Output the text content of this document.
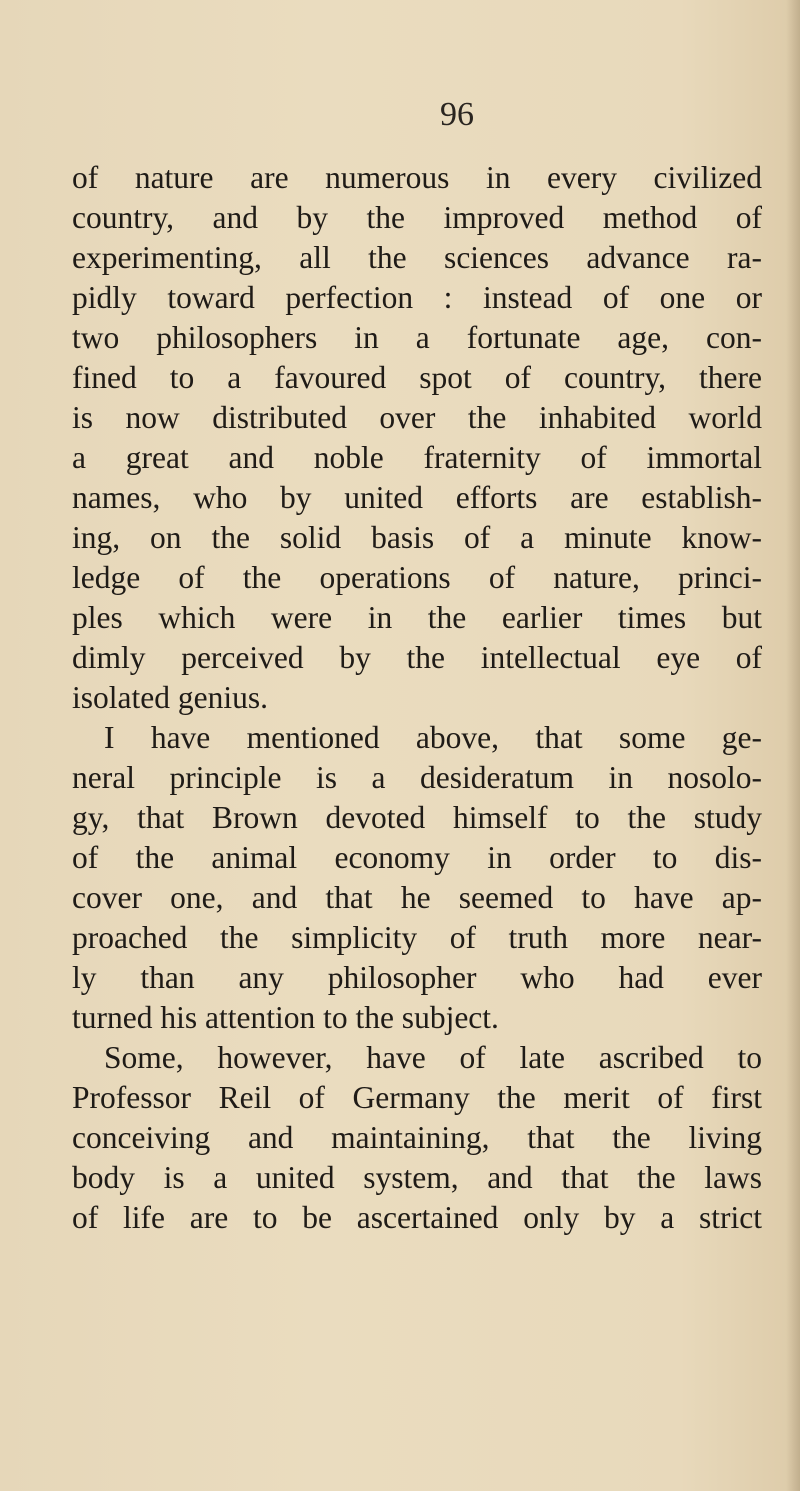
96

of nature are numerous in every civilized
country, and by the improved method of
experimenting, all the sciences advance ra-
pidly toward perfection : instead of one or
two philosophers in a fortunate age, con-
fined to a favoured spot of country, there
is now distributed over the inhabited world
a great and noble fraternity of immortal
names, who by united efforts are establish-
ing, on the solid basis of a minute know-
ledge of the operations of nature, princi-
ples which were in the earlier times but
dimly perceived by the intellectual eye of
isolated genius.
I have mentioned above, that some ge-
neral principle is a desideratum in nosolo-
gy, that Brown devoted himself to the study
of the animal economy in order to dis-
cover one, and that he seemed to have ap-
proached the simplicity of truth more near-
ly than any philosopher who had ever
turned his attention to the subject.
Some, however, have of late ascribed to
Professor Reil of Germany the merit of first
conceiving and maintaining, that the living
body is a united system, and that the laws
of life are to be ascertained only by a strict
